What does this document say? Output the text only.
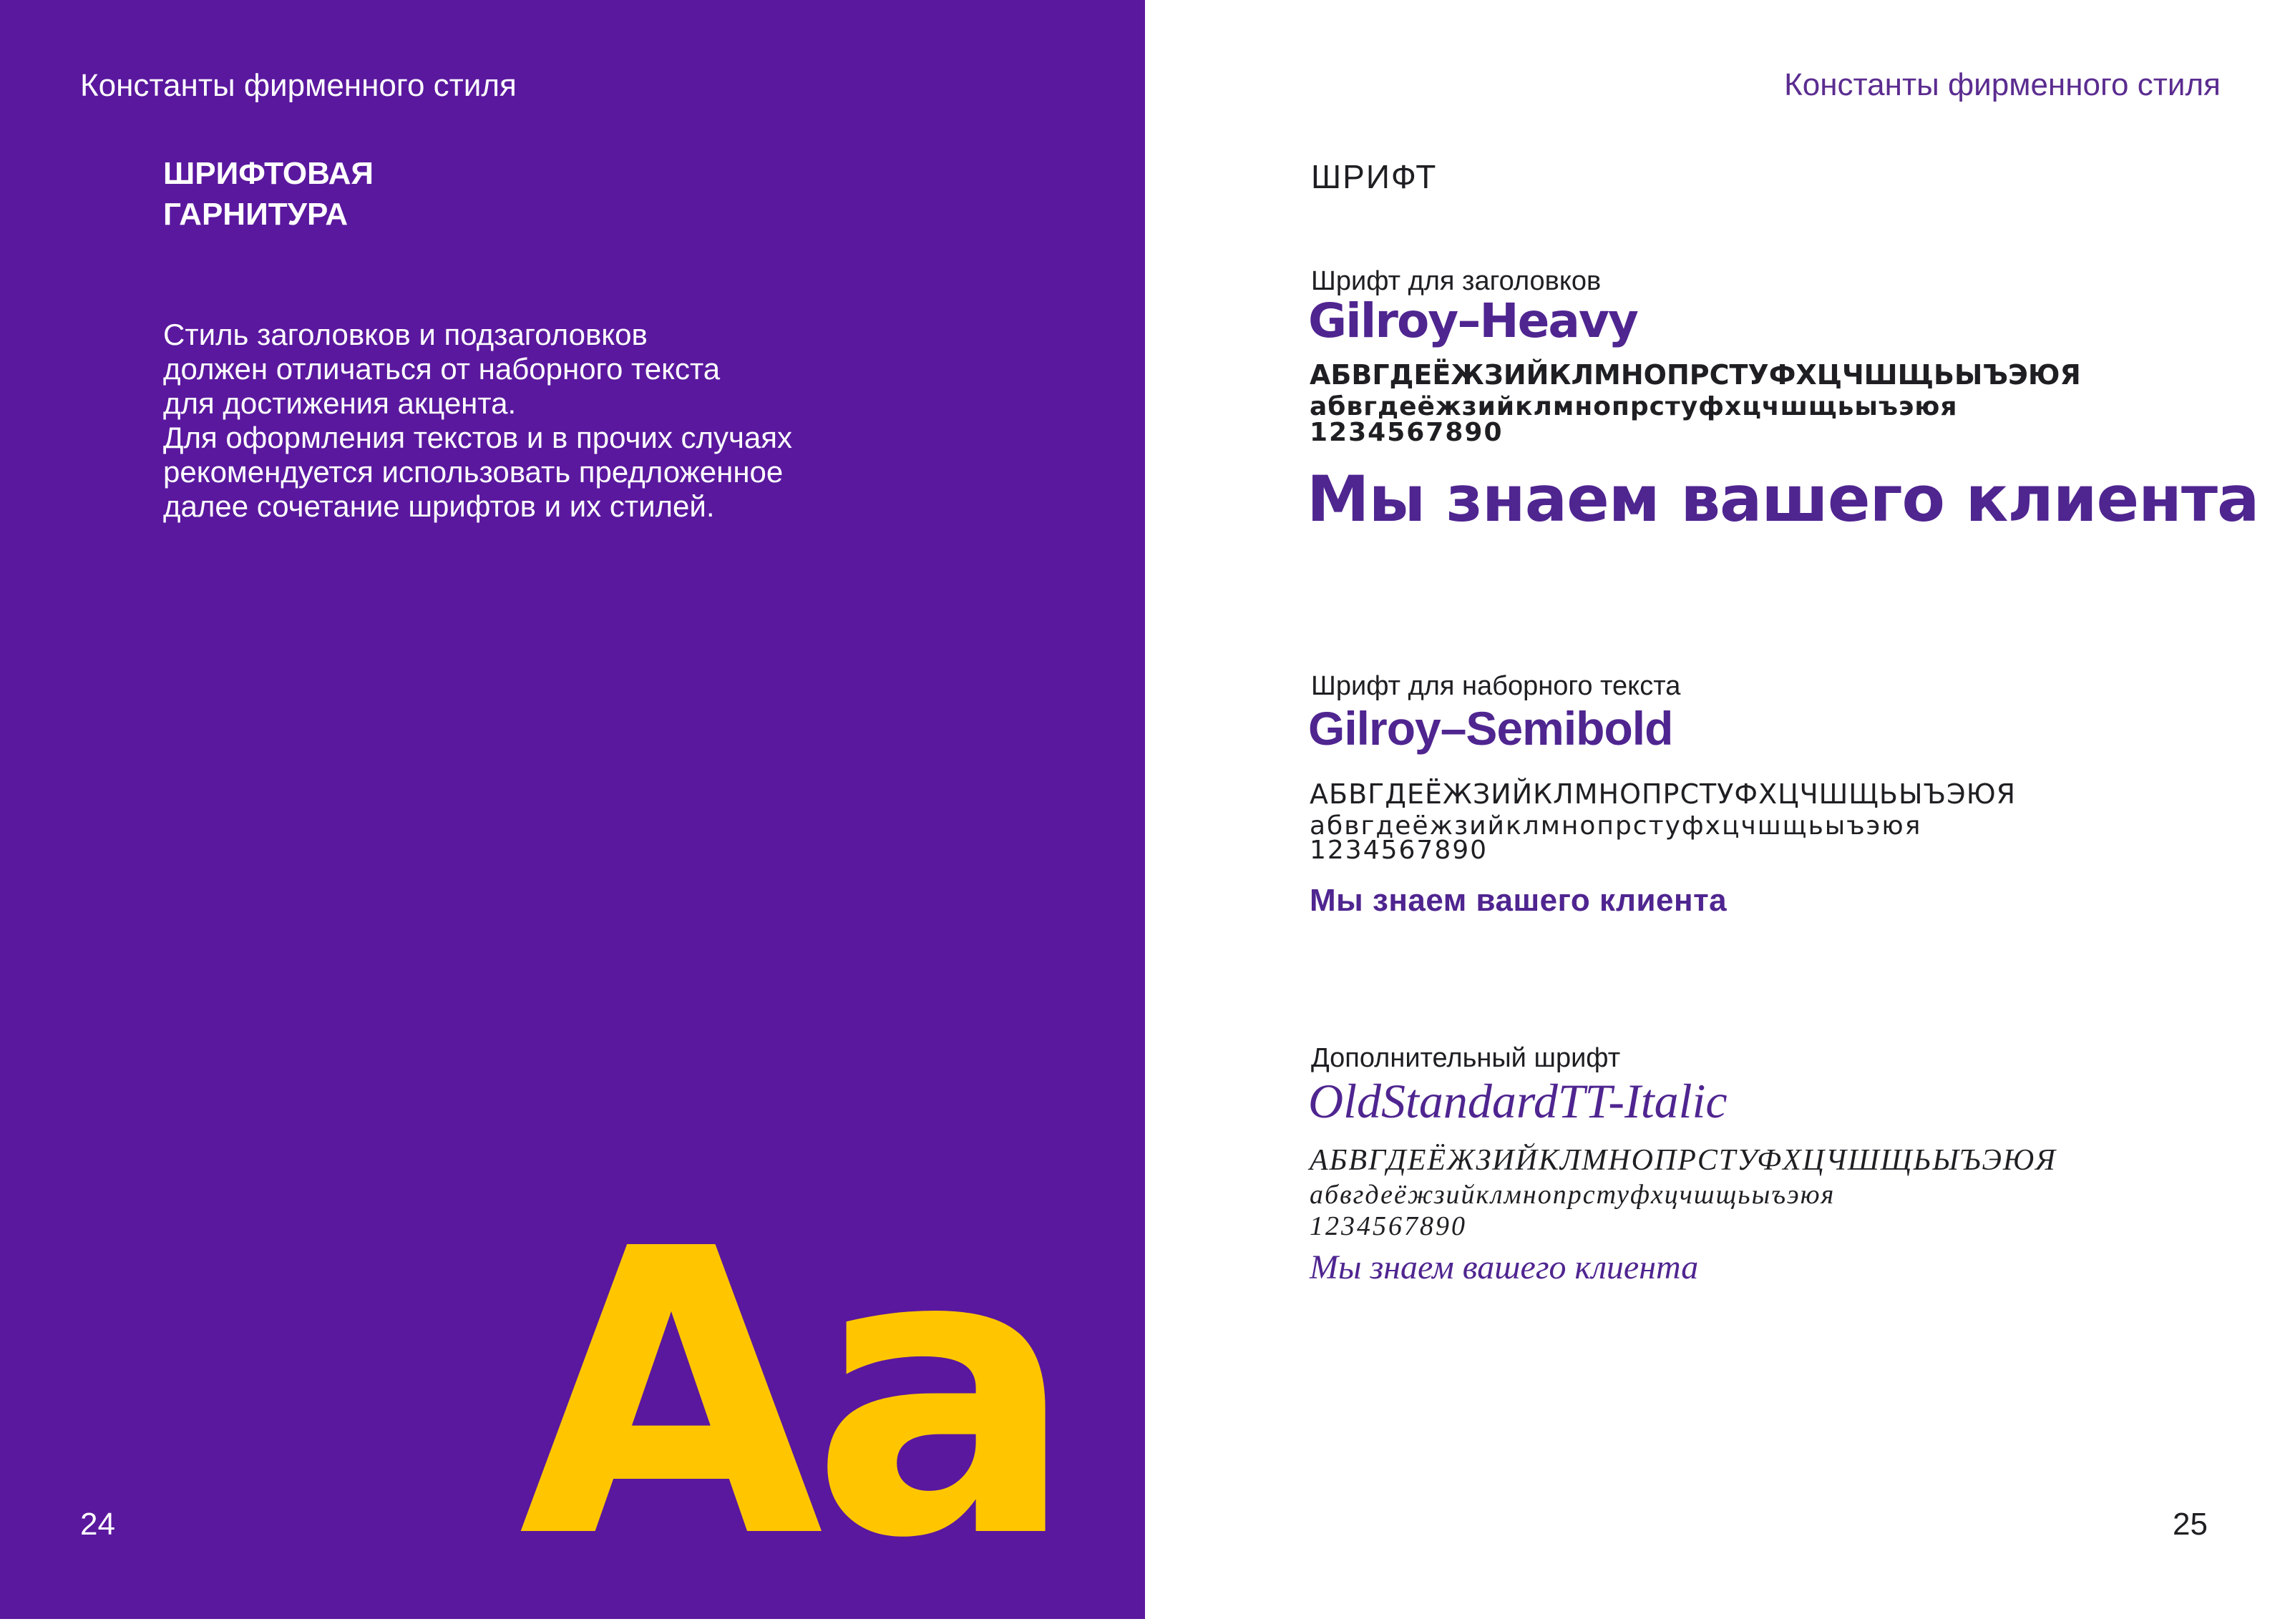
Константы фирменного стиля
ШРИФТОВАЯ
ГАРНИТУРА
Стиль заголовков и подзаголовков
должен отличаться от наборного текста
для достижения акцента.
Для оформления текстов и в прочих случаях
рекомендуется использовать предложенное
далее сочетание шрифтов и их стилей.
Aa
24
Константы фирменного стиля
ШРИФТ
Шрифт для заголовков
Gilroy–Heavy
АБВГДЕЁЖЗИЙКЛМНОПРСТУФХЦЧШЩЬЫЪЭЮЯ
абвгдеёжзийклмнопрстуфхцчшщьыъэюя
1234567890
Мы знаем вашего клиента
Шрифт для наборного текста
Gilroy–Semibold
АБВГДЕЁЖЗИЙКЛМНОПРСТУФХЦЧШЩЬЫЪЭЮЯ
абвгдеёжзийклмнопрстуфхцчшщьыъэюя
1234567890
Мы знаем вашего клиента
Дополнительный шрифт
OldStandardTT-Italic
АБВГДЕЁЖЗИЙКЛМНОПРСТУФХЦЧШЩЬЫЪЭЮЯ
абвгдеёжзийклмнопрстуфхцчшщьыъэюя
1234567890
Мы знаем вашего клиента
25
